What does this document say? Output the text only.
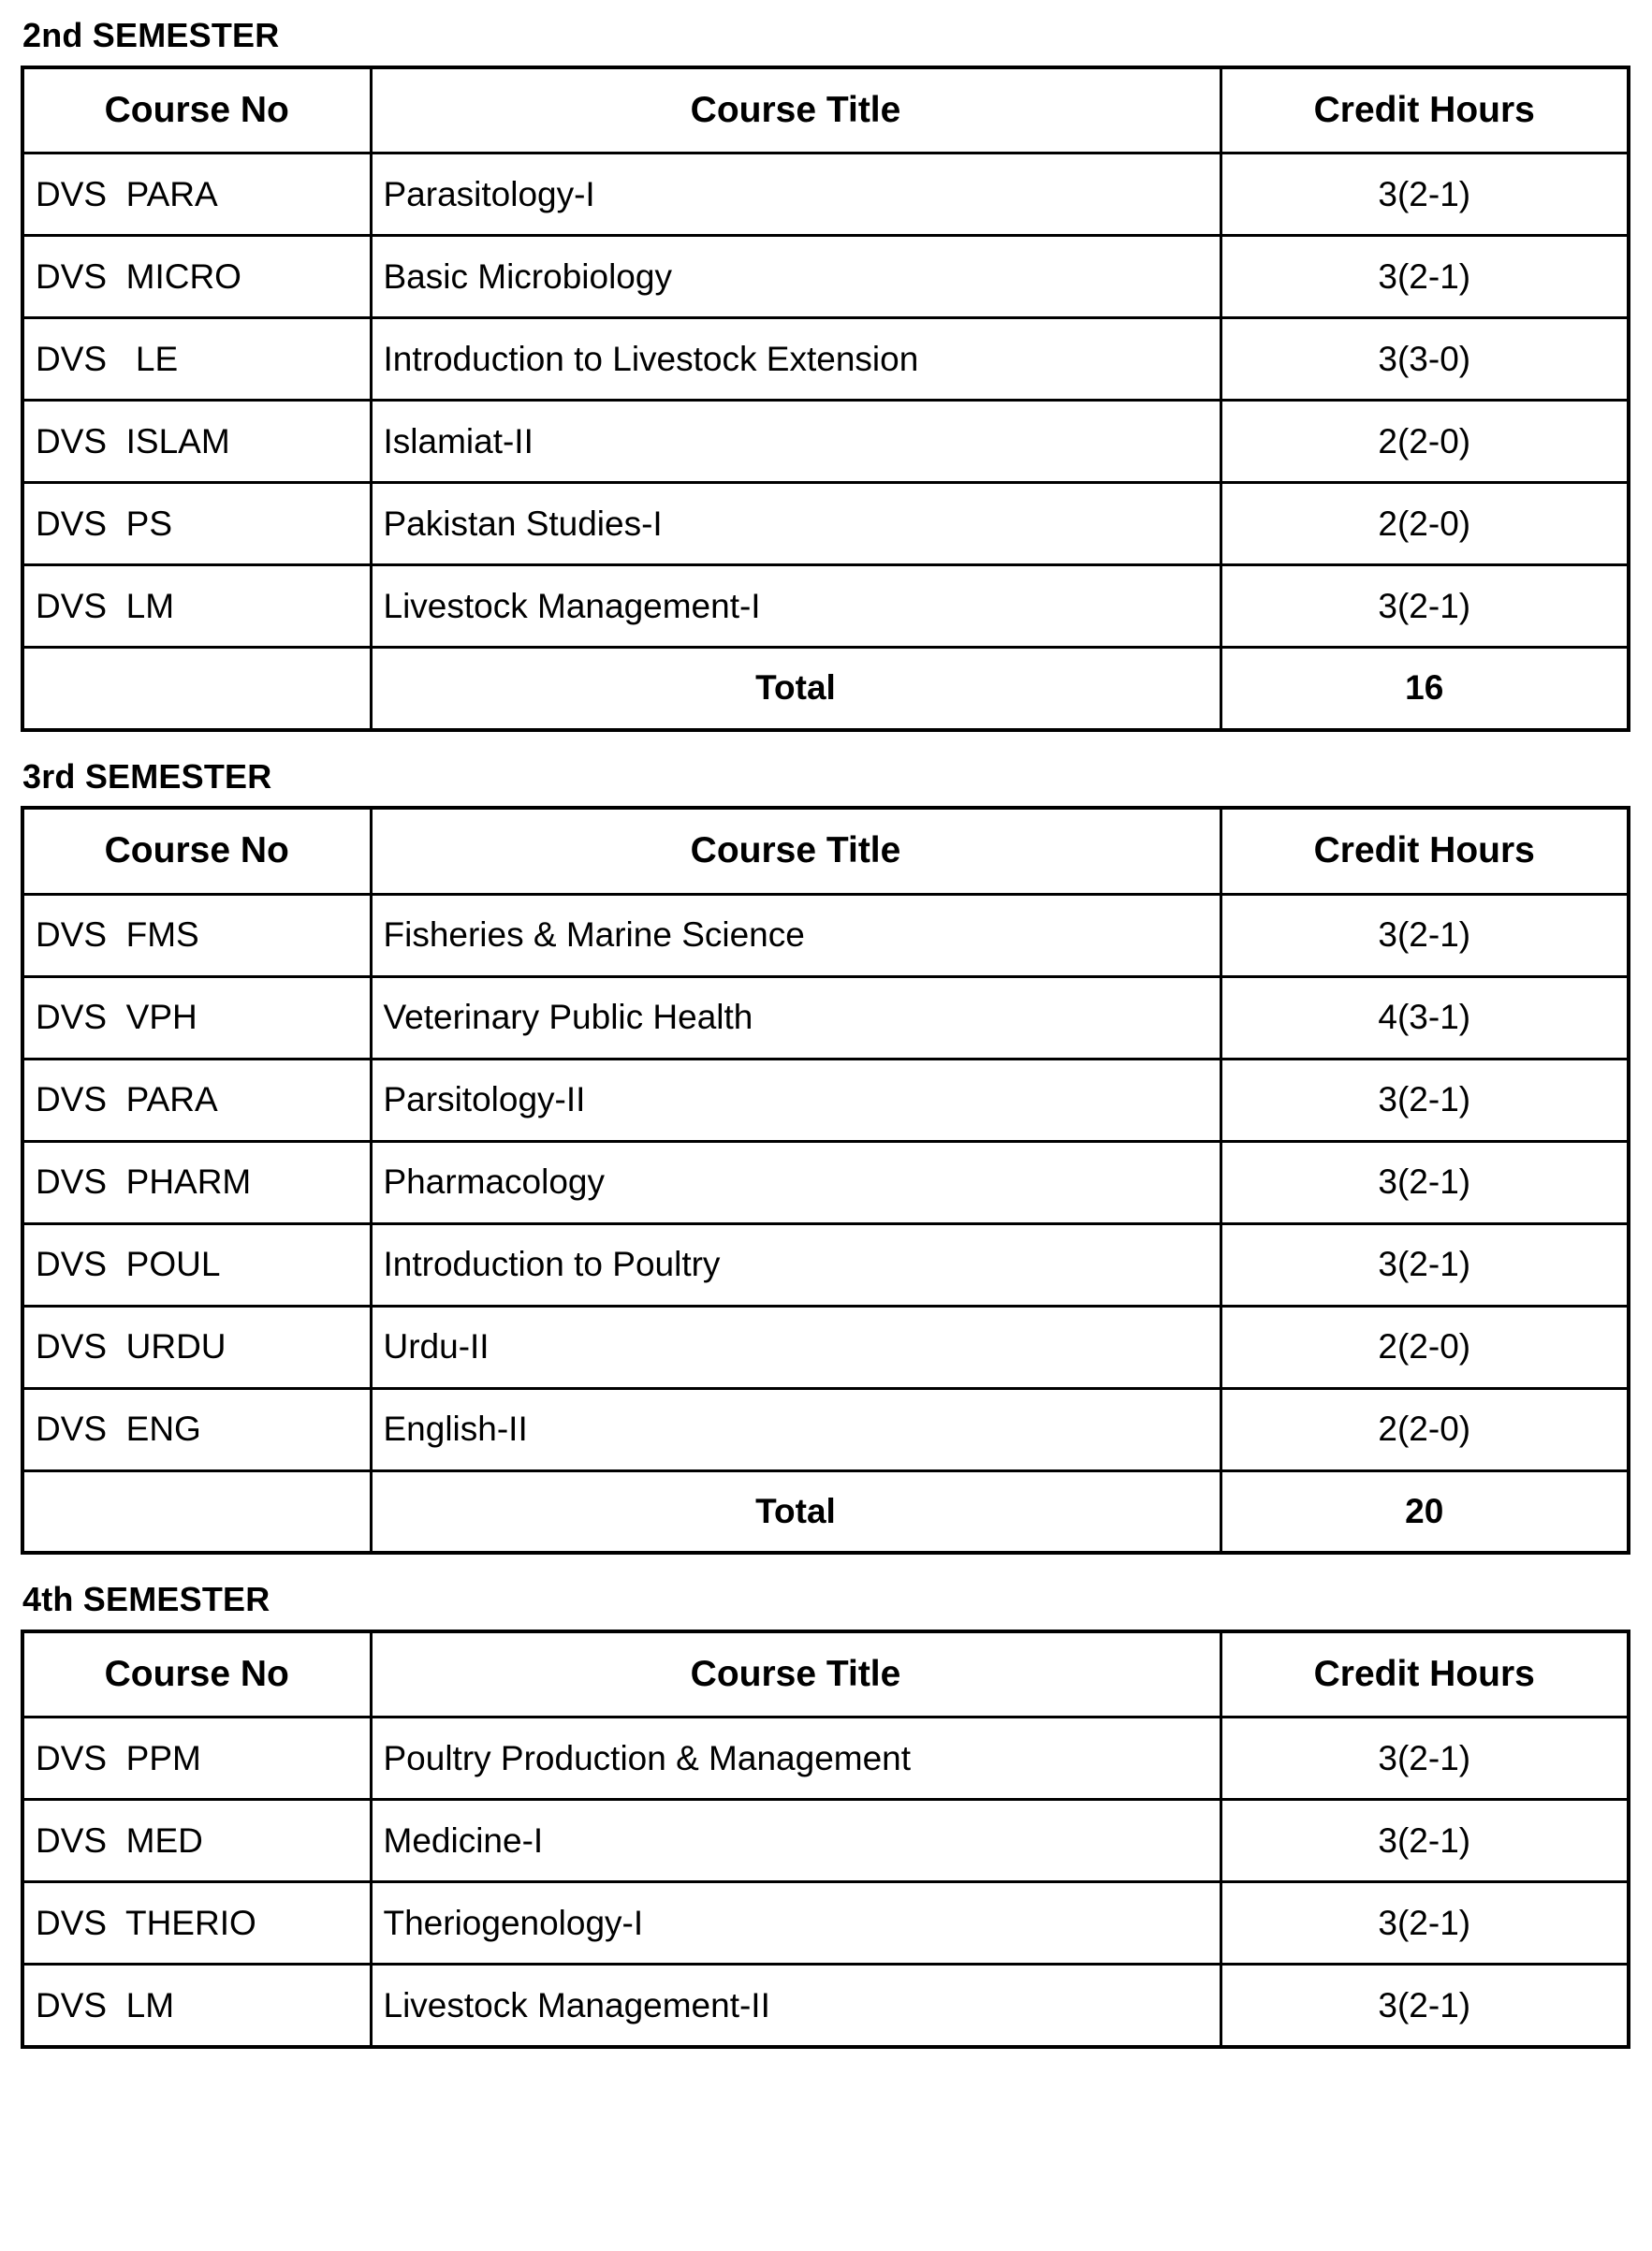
2nd SEMESTER
Course No	Course Title	Credit Hours
DVS  PARA	Parasitology-I	3(2-1)
DVS  MICRO	Basic Microbiology	3(2-1)
DVS   LE	Introduction to Livestock Extension	3(3-0)
DVS  ISLAM	Islamiat-II	2(2-0)
DVS  PS	Pakistan Studies-I	2(2-0)
DVS  LM	Livestock Management-I	3(2-1)
	Total	16
3rd SEMESTER
Course No	Course Title	Credit Hours
DVS  FMS	Fisheries & Marine Science	3(2-1)
DVS  VPH	Veterinary Public Health	4(3-1)
DVS  PARA	Parsitology-II	3(2-1)
DVS  PHARM	Pharmacology	3(2-1)
DVS  POUL	Introduction to Poultry	3(2-1)
DVS  URDU	Urdu-II	2(2-0)
DVS  ENG	English-II	2(2-0)
	Total	20
4th SEMESTER
Course No	Course Title	Credit Hours
DVS  PPM	Poultry Production & Management	3(2-1)
DVS  MED	Medicine-I	3(2-1)
DVS  THERIO	Theriogenology-I	3(2-1)
DVS  LM	Livestock Management-II	3(2-1)
